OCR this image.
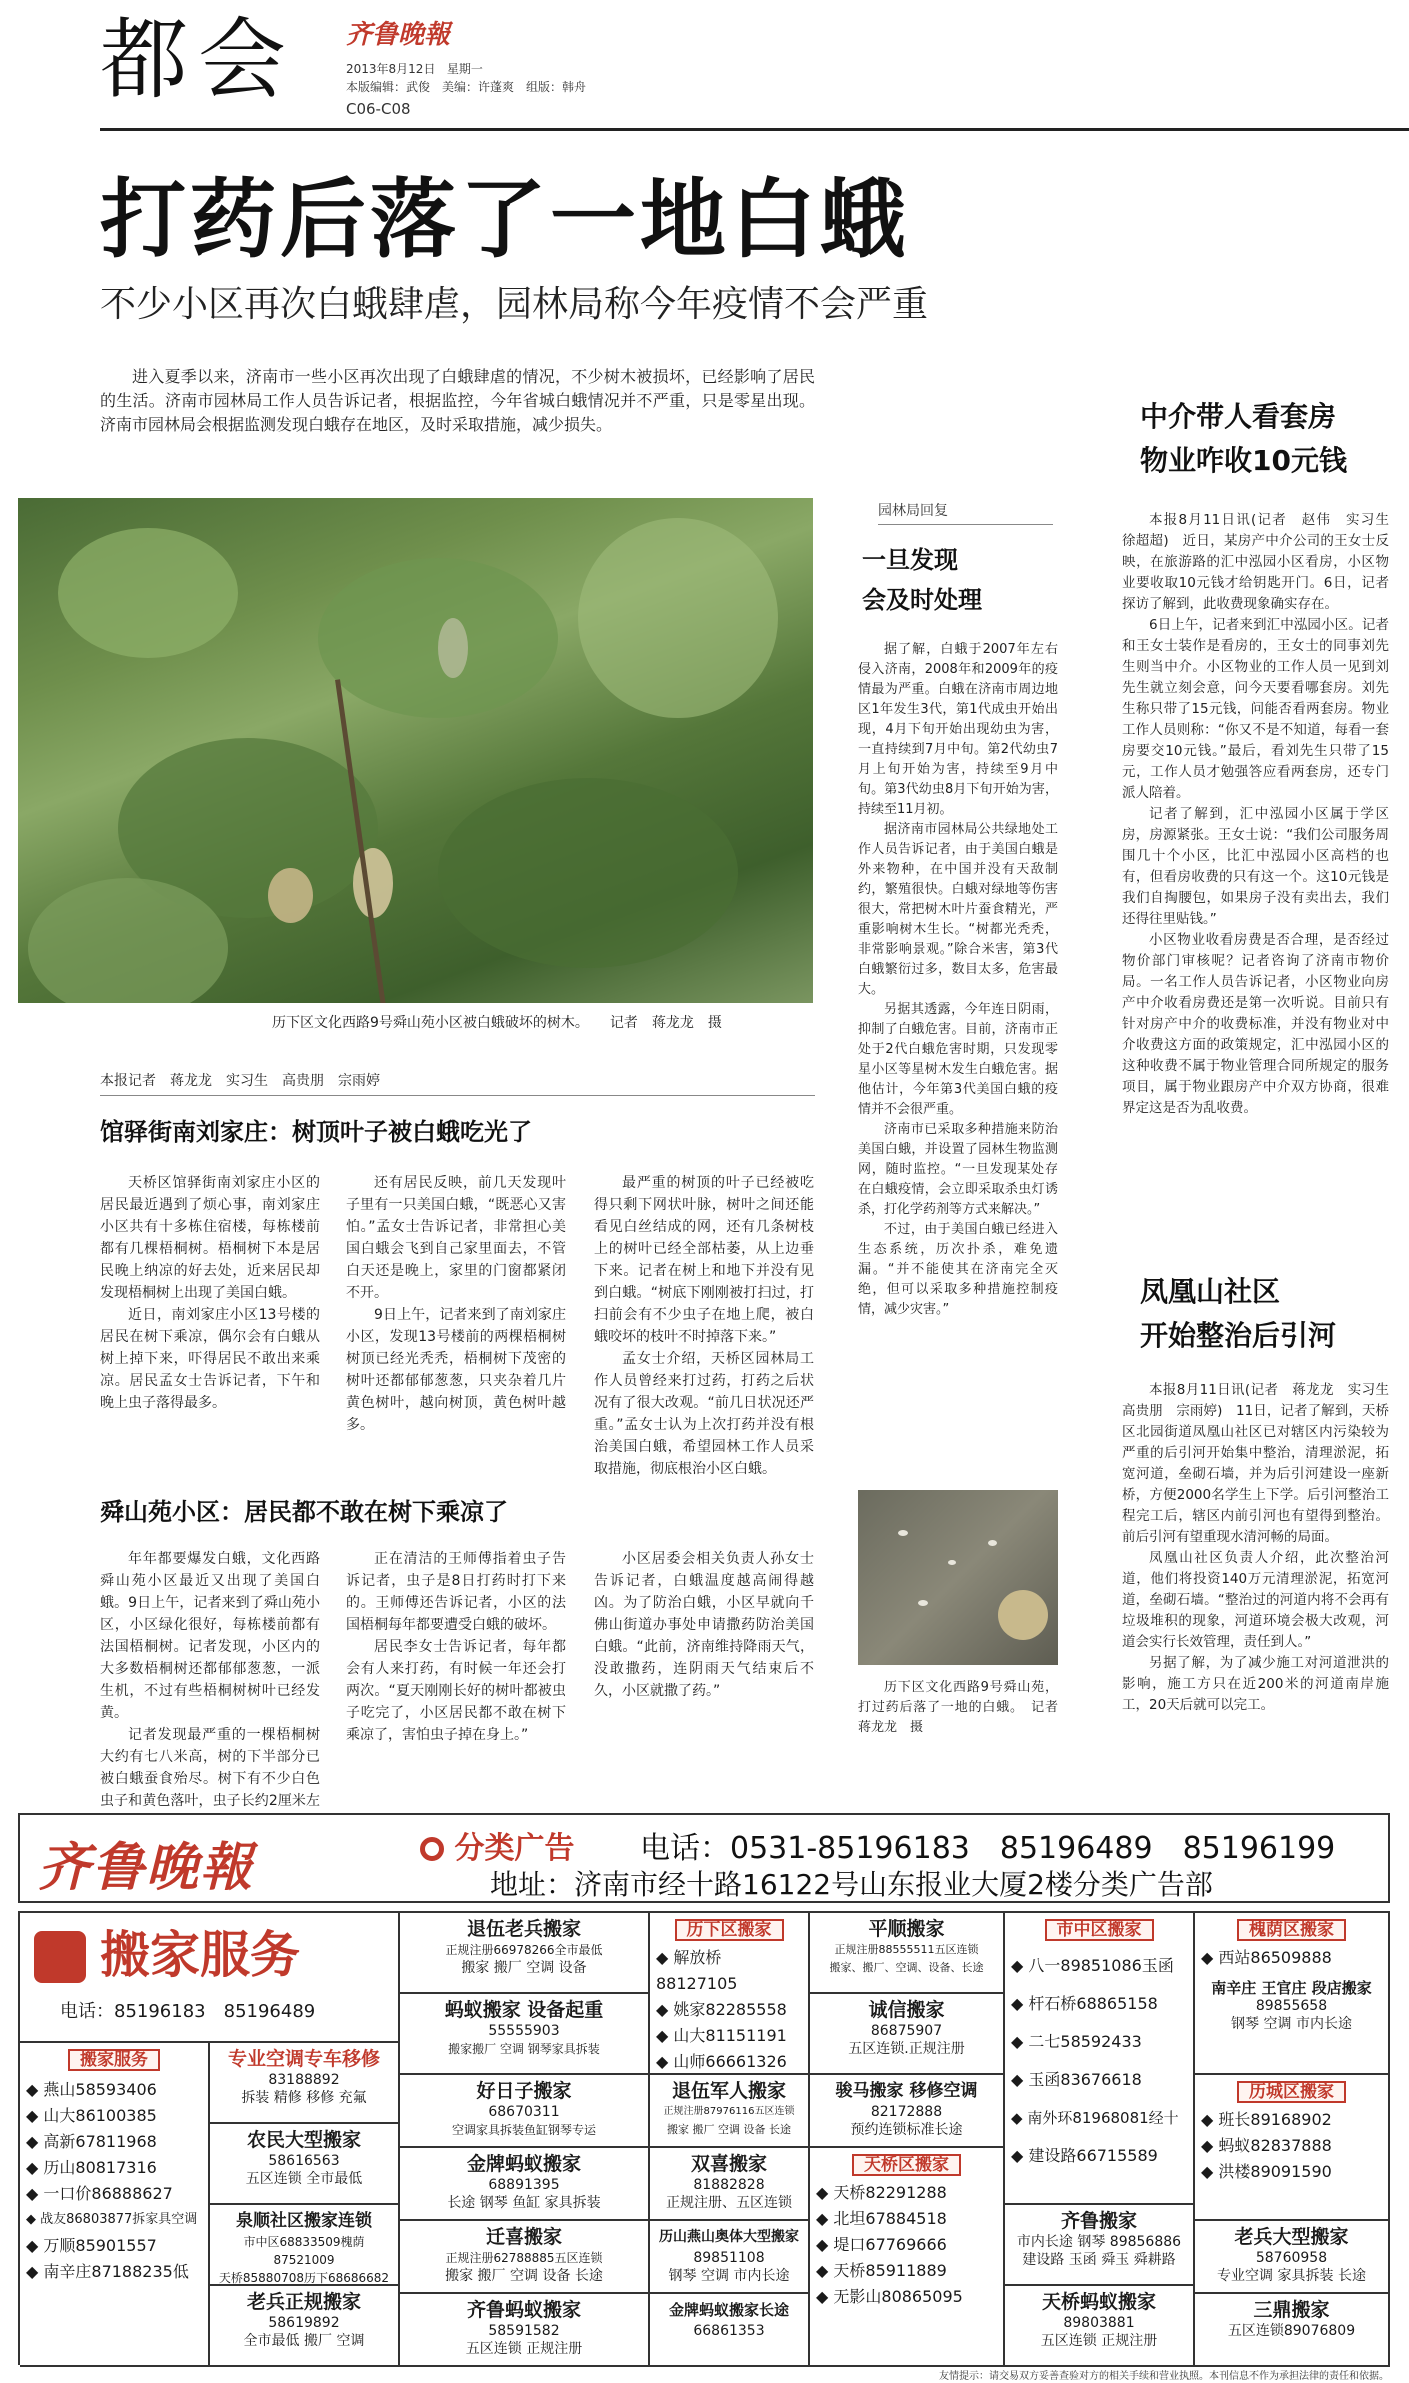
都会 齐鲁晚報
2013年8月12日 星期一
本版编辑：武俊　美编：许蓬爽　组版：韩舟
C06-C08
打药后落了一地白蛾
不少小区再次白蛾肆虐，园林局称今年疫情不会严重
进入夏季以来，济南市一些小区再次出现了白蛾肆虐的情况，不少树木被损坏，已经影响了居民的生活。济南市园林局工作人员告诉记者，根据监控，今年省城白蛾情况并不严重，只是零星出现。济南市园林局会根据监测发现白蛾存在地区，及时采取措施，减少损失。
历下区文化西路9号舜山苑小区被白蛾破坏的树木。　　记者　蒋龙龙　摄
本报记者　蒋龙龙　实习生　高贵朋　宗雨婷
馆驿街南刘家庄：树顶叶子被白蛾吃光了

天桥区馆驿街南刘家庄小区的居民最近遇到了烦心事，南刘家庄小区共有十多栋住宿楼，每栋楼前都有几棵梧桐树。梧桐树下本是居民晚上纳凉的好去处，近来居民却发现梧桐树上出现了美国白蛾。

近日，南刘家庄小区13号楼的居民在树下乘凉，偶尔会有白蛾从树上掉下来，吓得居民不敢出来乘凉。居民孟女士告诉记者，下午和晚上虫子落得最多。

还有居民反映，前几天发现叶子里有一只美国白蛾，“既恶心又害怕。”孟女士告诉记者，非常担心美国白蛾会飞到自己家里面去，不管白天还是晚上，家里的门窗都紧闭不开。

9日上午，记者来到了南刘家庄小区，发现13号楼前的两棵梧桐树树顶已经光秃秃，梧桐树下茂密的树叶还都郁郁葱葱，只夹杂着几片黄色树叶，越向树顶，黄色树叶越多。

最严重的树顶的叶子已经被吃得只剩下网状叶脉，树叶之间还能看见白丝结成的网，还有几条树枝上的树叶已经全部枯萎，从上边垂下来。记者在树上和地下并没有见到白蛾。“树底下刚刚被打扫过，打扫前会有不少虫子在地上爬，被白蛾咬坏的枝叶不时掉落下来。”

孟女士介绍，天桥区园林局工作人员曾经来打过药，打药之后状况有了很大改观。“前几日状况还严重。”孟女士认为上次打药并没有根治美国白蛾，希望园林工作人员采取措施，彻底根治小区白蛾。

舜山苑小区：居民都不敢在树下乘凉了

年年都要爆发白蛾，文化西路舜山苑小区最近又出现了美国白蛾。9日上午，记者来到了舜山苑小区，小区绿化很好，每栋楼前都有法国梧桐树。记者发现，小区内的大多数梧桐树还都郁郁葱葱，一派生机，不过有些梧桐树树叶已经发黄。

记者发现最严重的一棵梧桐树大约有七八米高，树的下半部分已被白蛾蚕食殆尽。树下有不少白色虫子和黄色落叶，虫子长约2厘米左

正在清洁的王师傅指着虫子告诉记者，虫子是8日打药时打下来的。王师傅还告诉记者，小区的法国梧桐每年都要遭受白蛾的破坏。

居民李女士告诉记者，每年都会有人来打药，有时候一年还会打两次。“夏天刚刚长好的树叶都被虫子吃完了，小区居民都不敢在树下乘凉了，害怕虫子掉在身上。”

小区居委会相关负责人孙女士告诉记者，白蛾温度越高闹得越凶。为了防治白蛾，小区早就向千佛山街道办事处申请撒药防治美国白蛾。“此前，济南维持降雨天气，没敢撒药，连阴雨天气结束后不久，小区就撒了药。”

园林局回复
一旦发现
会及时处理

据了解，白蛾于2007年左右侵入济南，2008年和2009年的疫情最为严重。白蛾在济南市周边地区1年发生3代，第1代成虫开始出现，4月下旬开始出现幼虫为害，一直持续到7月中旬。第2代幼虫7月上旬开始为害，持续至9月中旬。第3代幼虫8月下旬开始为害，持续至11月初。

据济南市园林局公共绿地处工作人员告诉记者，由于美国白蛾是外来物种，在中国并没有天敌制约，繁殖很快。白蛾对绿地等伤害很大，常把树木叶片蚕食精光，严重影响树木生长。“树都光秃秃，非常影响景观。”除合米害，第3代白蛾繁衍过多，数目太多，危害最大。

另据其透露，今年连日阴雨，抑制了白蛾危害。目前，济南市正处于2代白蛾危害时期，只发现零星小区等星树木发生白蛾危害。据他估计，今年第3代美国白蛾的疫情并不会很严重。

济南市已采取多种措施来防治美国白蛾，并设置了园林生物监测网，随时监控。“一旦发现某处存在白蛾疫情，会立即采取杀虫灯诱杀，打化学药剂等方式来解决。”

不过，由于美国白蛾已经进入生态系统，历次扑杀，难免遗漏。“并不能使其在济南完全灭绝，但可以采取多种措施控制疫情，减少灾害。”

历下区文化西路9号舜山苑，打过药后落了一地的白蛾。　记者　蒋龙龙　摄
中介带人看套房
物业咋收10元钱

本报8月11日讯(记者　赵伟　实习生　徐超超)　近日，某房产中介公司的王女士反映，在旅游路的汇中泓园小区看房，小区物业要收取10元钱才给钥匙开门。6日，记者探访了解到，此收费现象确实存在。

6日上午，记者来到汇中泓园小区。记者和王女士装作是看房的，王女士的同事刘先生则当中介。小区物业的工作人员一见到刘先生就立刻会意，问今天要看哪套房。刘先生称只带了15元钱，问能否看两套房。物业工作人员则称：“你又不是不知道，每看一套房要交10元钱。”最后，看刘先生只带了15元，工作人员才勉强答应看两套房，还专门派人陪着。

记者了解到，汇中泓园小区属于学区房，房源紧张。王女士说：“我们公司服务周围几十个小区，比汇中泓园小区高档的也有，但看房收费的只有这一个。这10元钱是我们自掏腰包，如果房子没有卖出去，我们还得往里贴钱。”

小区物业收看房费是否合理，是否经过物价部门审核呢？记者咨询了济南市物价局。一名工作人员告诉记者，小区物业向房产中介收看房费还是第一次听说。目前只有针对房产中介的收费标准，并没有物业对中介收费这方面的政策规定，汇中泓园小区的这种收费不属于物业管理合同所规定的服务项目，属于物业跟房产中介双方协商，很难界定这是否为乱收费。

凤凰山社区
开始整治后引河

本报8月11日讯(记者　蒋龙龙　实习生　高贵朋　宗雨婷)　11日，记者了解到，天桥区北园街道凤凰山社区已对辖区内污染较为严重的后引河开始集中整治，清理淤泥，拓宽河道，垒砌石墙，并为后引河建设一座新桥，方便2000名学生上下学。后引河整治工程完工后，辖区内前引河也有望得到整治。前后引河有望重现水清河畅的局面。

凤凰山社区负责人介绍，此次整治河道，他们将投资140万元清理淤泥，拓宽河道，垒砌石墙。“整治过的河道内将不会再有垃圾堆积的现象，河道环境会极大改观，河道会实行长效管理，责任到人。”

另据了解，为了减少施工对河道泄洪的影响，施工方只在近200米的河道南岸施工，20天后就可以完工。

齐鲁晚報	分类广告 电话：0531-85196183　85196489　85196199
地址：济南市经十路16122号山东报业大厦2楼分类广告部
搬家服务
电话：85196183　85196489
搬家服务
◆ 燕山58593406
◆ 山大86100385
◆ 高新67811968
◆ 历山80817316
◆ 一口价86888627
◆ 战友86803877拆家具空调
◆ 万顺85901557
◆ 南辛庄87188235低
专业空调专车移修
83188892
拆装 精修 移修 充氟
农民大型搬家
58616563
五区连锁 全市最低
泉顺社区搬家连锁
市中区68833509槐荫87521009
天桥85880708历下68686682
老兵正规搬家
58619892
全市最低 搬厂 空调
退伍老兵搬家
正规注册66978266全市最低
搬家 搬厂 空调 设备
蚂蚁搬家 设备起重
55555903
搬家搬厂 空调 钢琴家具拆装
好日子搬家
68670311
空调家具拆装鱼缸钢琴专运
金牌蚂蚁搬家
68891395
长途 钢琴 鱼缸 家具拆装
迁喜搬家
正规注册62788885五区连锁
搬家 搬厂 空调 设备 长途
齐鲁蚂蚁搬家
58591582
五区连锁 正规注册
历下区搬家
◆ 解放桥88127105
◆ 姚家82285558
◆ 山大81151191
◆ 山师66661326
退伍军人搬家
正规注册87976116五区连锁
搬家 搬厂 空调 设备 长途
双喜搬家
81882828
正规注册、五区连锁
历山燕山奥体大型搬家
89851108
钢琴 空调 市内长途
金牌蚂蚁搬家长途
66861353
平顺搬家
正规注册88555511五区连锁
搬家、搬厂、空调、设备、长途
诚信搬家
86875907
五区连锁.正规注册
骏马搬家 移修空调
82172888
预约连锁标准长途
天桥区搬家
◆ 天桥82291288
◆ 北坦67884518
◆ 堤口67769666
◆ 天桥85911889
◆ 无影山80865095
市中区搬家
◆ 八一89851086玉函
◆ 杆石桥68865158
◆ 二七58592433
◆ 玉函83676618
◆ 南外环81968081经十
◆ 建设路66715589
齐鲁搬家
市内长途 钢琴 89856886
建设路 玉函 舜玉 舜耕路
天桥蚂蚁搬家
89803881
五区连锁 正规注册
槐荫区搬家
◆ 西站86509888
南辛庄 王官庄 段店搬家
89855658
钢琴 空调 市内长途
历城区搬家
◆ 班长89168902
◆ 蚂蚁82837888
◆ 洪楼89091590
老兵大型搬家
58760958
专业空调 家具拆装 长途
三鼎搬家
五区连锁89076809
友情提示：请交易双方妥善查验对方的相关手续和营业执照。本刊信息不作为承担法律的责任和依据。
